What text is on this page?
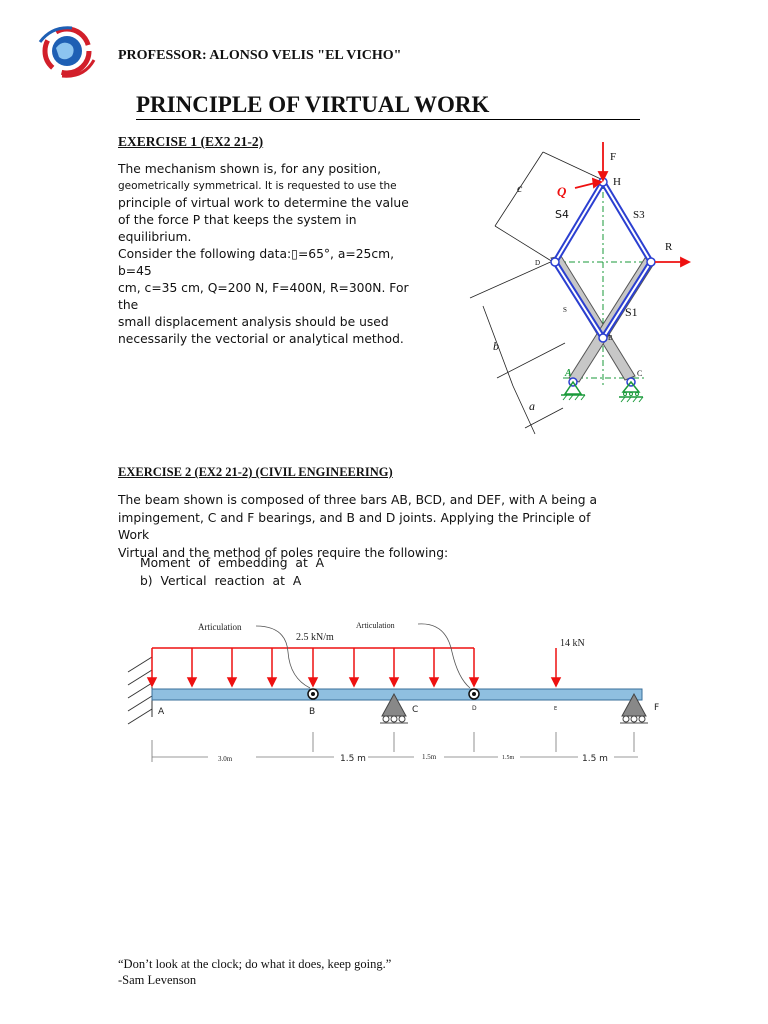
PROFESSOR: ALONSO VELIS "EL VICHO"
PRINCIPLE OF VIRTUAL WORK
EXERCISE 1 (EX2 21-2)
The mechanism shown is, for any position,
geometrically symmetrical. It is requested to use the
principle of virtual work to determine the value
of the force P that keeps the system in equilibrium.
Consider the following data:▯=65°, a=25cm, b=45
cm, c=35 cm, Q=200 N, F=400N, R=300N. For the
small displacement analysis should be used
necessarily the vectorial or analytical method.
F
H
S3
R
S1
B
C
D
S
c
b
a
S4
Q
A
EXERCISE 2 (EX2 21-2) (CIVIL ENGINEERING)
The beam shown is composed of three bars AB, BCD, and DEF, with A being a
impingement, C and F bearings, and B and D joints. Applying the Principle of Work
Virtual and the method of poles require the following:
Moment of embedding at A
b) Vertical reaction at A
Articulation	Articulation
2.5 kN/m
14 kN
3.0m	1.5m	1.5m
A	B	C	D	E	F
1.5 m	1.5 m
“Don’t look at the clock; do what it does, keep going.”
-Sam Levenson
